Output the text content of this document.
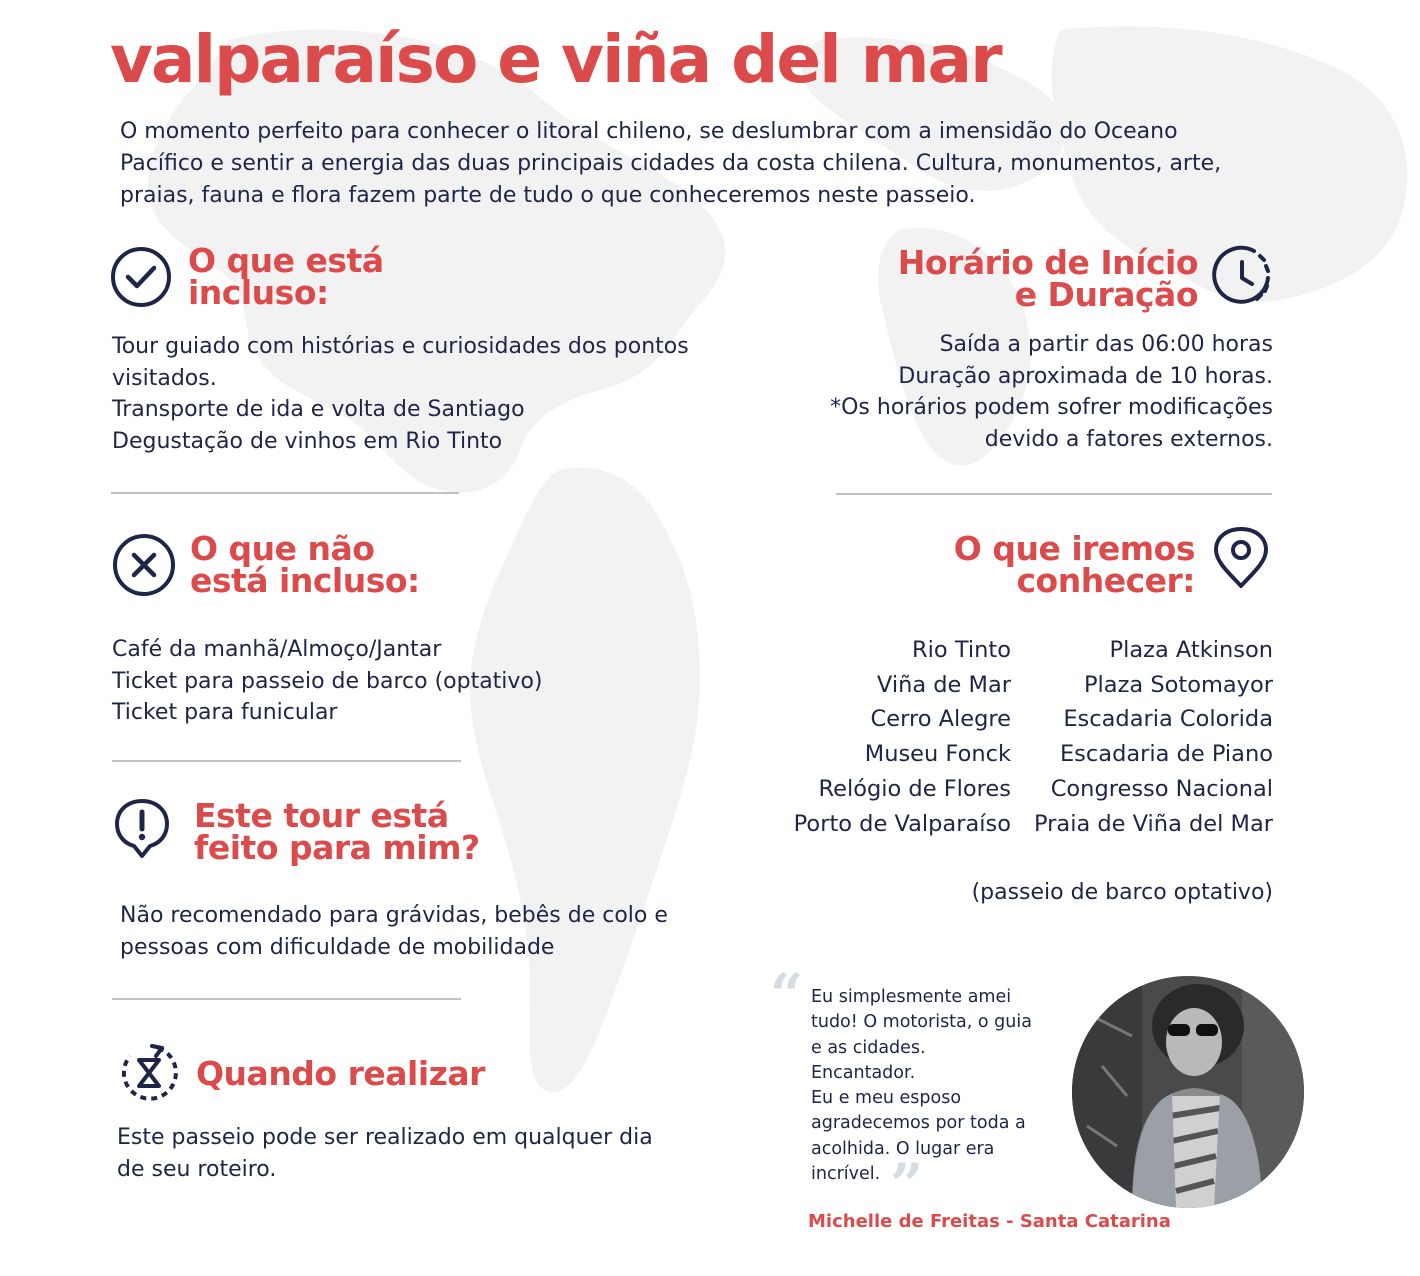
valparaíso e viña del mar
O momento perfeito para conhecer o litoral chileno, se deslumbrar com a imensidão do Oceano
Pacífico e sentir a energia das duas principais cidades da costa chilena. Cultura, monumentos, arte,
praias, fauna e flora fazem parte de tudo o que conheceremos neste passeio.
O que está
incluso:
Tour guiado com histórias e curiosidades dos pontos
visitados.
Transporte de ida e volta de Santiago
Degustação de vinhos em Rio Tinto
O que não
está incluso:
Café da manhã/Almoço/Jantar
Ticket para passeio de barco (optativo)
Ticket para funicular
Este tour está
feito para mim?
Não recomendado para grávidas, bebês de colo e
pessoas com dificuldade de mobilidade
Quando realizar
Este passeio pode ser realizado em qualquer dia
de seu roteiro.
Horário de Início
e Duração
Saída a partir das 06:00 horas
Duração aproximada de 10 horas.
*Os horários podem sofrer modificações
devido a fatores externos.
O que iremos
conhecer:
Rio Tinto
Viña de Mar
Cerro Alegre
Museu Fonck
Relógio de Flores
Porto de Valparaíso
Plaza Atkinson
Plaza Sotomayor
Escadaria Colorida
Escadaria de Piano
Congresso Nacional
Praia de Viña del Mar
(passeio de barco optativo)
“ Eu simplesmente amei
tudo! O motorista, o guia
e as cidades.
Encantador.
Eu e meu esposo
agradecemos por toda a
acolhida. O lugar era
incrível. ”
Michelle de Freitas - Santa Catarina
